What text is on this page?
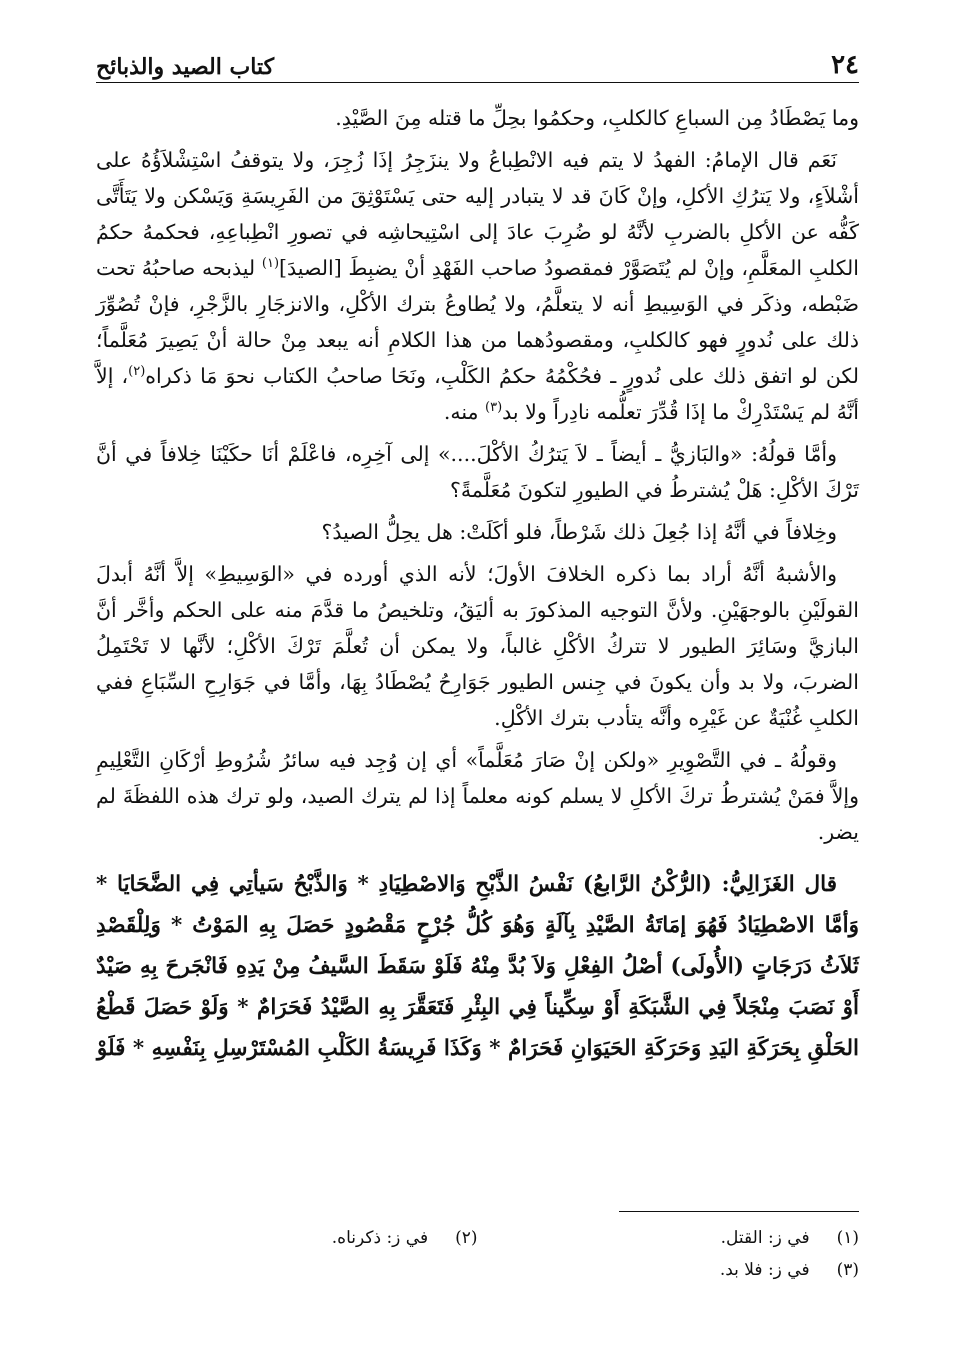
٢٤
كتاب الصيد والذبائح

وما يَصْطَادُ مِن السباعِ كالكلبِ، وحكمُوا بحِلِّ ما قتله مِنَ الصَّيْدِ.

نَعَم قال الإمامُ: الفهدُ لا يتم فيه الانْطِباعُ ولا ينزَجِرُ إذَا زُجِرَ، ولا يتوقفُ اسْتِشْلاَؤُهُ على أشْلاَءٍ، ولا يَترُكِ الأكلِ، وإنْ كَانَ قد لا يتبادر إليه حتى يَسْتَوْثِقَ من الفَرِيسَةِ وَيَسْكن ولا يَتَأَتَّى كَفُّه عن الأكلِ بالضربِ لأنَّهُ لو ضُرِبَ عادَ إلى اسْتِيحاشِه في تصورِ انْطِباعِهِ، فحكمهُ حكمُ الكلبِ المعَلَّمِ، وإنْ لم يُتَصَوَّرْ فمقصودُ صاحب الفَهْدِ أنْ يضبِطَ [الصيدَ]$^{(١)}$ ليذبحه صاحبُهُ تحت ضَبْطه، وذكَر في الوَسِيطِ أنه لا يتعلَّمُ، ولا يُطاوعُ بترك الأكْلِ، والانزجَارِ بالزَّجْرِ، فإنْ تُصُوِّرَ ذلك على نُدورٍ فهو كالكلبِ، ومقصودُهما من هذا الكلامِ أنه يبعد مِنْ حالة أنْ يَصِيرَ مُعَلَّماً؛ لكن لو اتفق ذلك على نُدورٍ ـ فحُكْمُهُ حكمُ الكَلْبِ، ونَحَا صاحبُ الكتاب نحوَ مَا ذكراه$^{(٢)}$، إلاَّ أنَّهُ لم يَسْتَدْرِكْ ما إذَا قُدِّرَ تعلُّمه نادِراً ولا بد$^{(٣)}$ منه.

وأمَّا قولُهُ: «والبَازيُّ ـ أيضاً ـ لاَ يَترُكُ الأكْلَ....» إلى آخِرِه، فاعْلَمْ أنَا حكَيْنَا خِلافاً في أنَّ تَرْكَ الأكْلِ: هَلْ يُشترطُ في الطيورِ لتكونَ مُعَلَّمةً؟

وخِلافاً في أنَّهُ إذا جُعِلَ ذلك شَرْطاً، فلو أكَلَتْ: هل يحِلُّ الصيدُ؟

والأشبهُ أنَّهُ أراد بما ذكره الخلافَ الأولَ؛ لأنه الذي أورده في «الوَسِيطِ» إلاَّ أنَّهُ أبدلَ القولَيْنِ بالوجهَيْنِ. ولأنَّ التوجيه المذكورَ به أليَقُ، وتلخيصُ ما قدَّمَ منه على الحكم وأخَّر أنَّ البازيَّ وسَائِرَ الطيور لا تتركُ الأكْلِ غالباً، ولا يمكن أن تُعلَّمَ تَرْكَ الأكْلِ؛ لأنَّها لا تَحْتَمِلُ الضربَ، ولا بد وأن يكونَ في جِنس الطيور جَوَارِحُ يُصْطَادُ بِهَا، وأمَّا في جَوَارِحِ السِّبَاعِ ففي الكلبِ غُنْيَةٌ عن غَيْرِه وأنَّه يتأدب بترك الأكْلِ.

وقولُهُ ـ في التَّصْوِيرِ «ولكن إنْ صَارَ مُعَلَّماً» أي إن وُجِد فيه سائرُ شُرُوطِ أرْكَانِ التَّعْلِيمِ وإلاَّ فمَنْ يُشترطُ تركَ الأكلِ لا يسلم كونه معلماً إذا لم يترك الصيد، ولو ترك هذه اللفظَةَ لم يضر.

قال الغَزَالِيُّ: (الرُّكْنُ الرَّابعُ) نَفْسُ الذَّبْحِ وَالاصْطِيَادِ * وَالذَّبْحُ سَيأتِي فِي الضَّحَايَا * وَأمَّا الاصْطِيَادُ فَهُوَ إمَاتَةُ الصَّيْدِ بِآلَةٍ وَهُوَ كُلُّ جُرْحٍ مَقْصُودٍ حَصَلَ بِهِ المَوْتُ * وَلِلْقَصْدِ ثَلاَثُ دَرَجَاتٍ (الأُولَى) أصْلُ الفِعْلِ وَلاَ بُدَّ مِنْهُ فَلَوْ سَقَطَ السَّيفُ مِنْ يَدِهِ فَانْجَرحَ بِهِ صَيْدٌ أَوْ نَصَبَ مِنْجَلاً فِي الشَّبَكَةِ أَوْ سِكِّيناً فِي البِئْرِ فَتَعَقَّرَ بِهِ الصَّيْدُ فَحَرَامٌ * وَلَوْ حَصَلَ قَطْعُ الحَلْقِ بِحَرَكَةِ اليَدِ وَحَرَكَةِ الحَيَوَانِ فَحَرَامٌ * وَكَذَا فَرِيسَةُ الكَلْبِ المُسْتَرْسِلِ بِنَفْسِهِ * فَلَوْ

(١) في ز: القتل.
(٢) في ز: ذكرناه.
(٣) في ز: فلا بد.
